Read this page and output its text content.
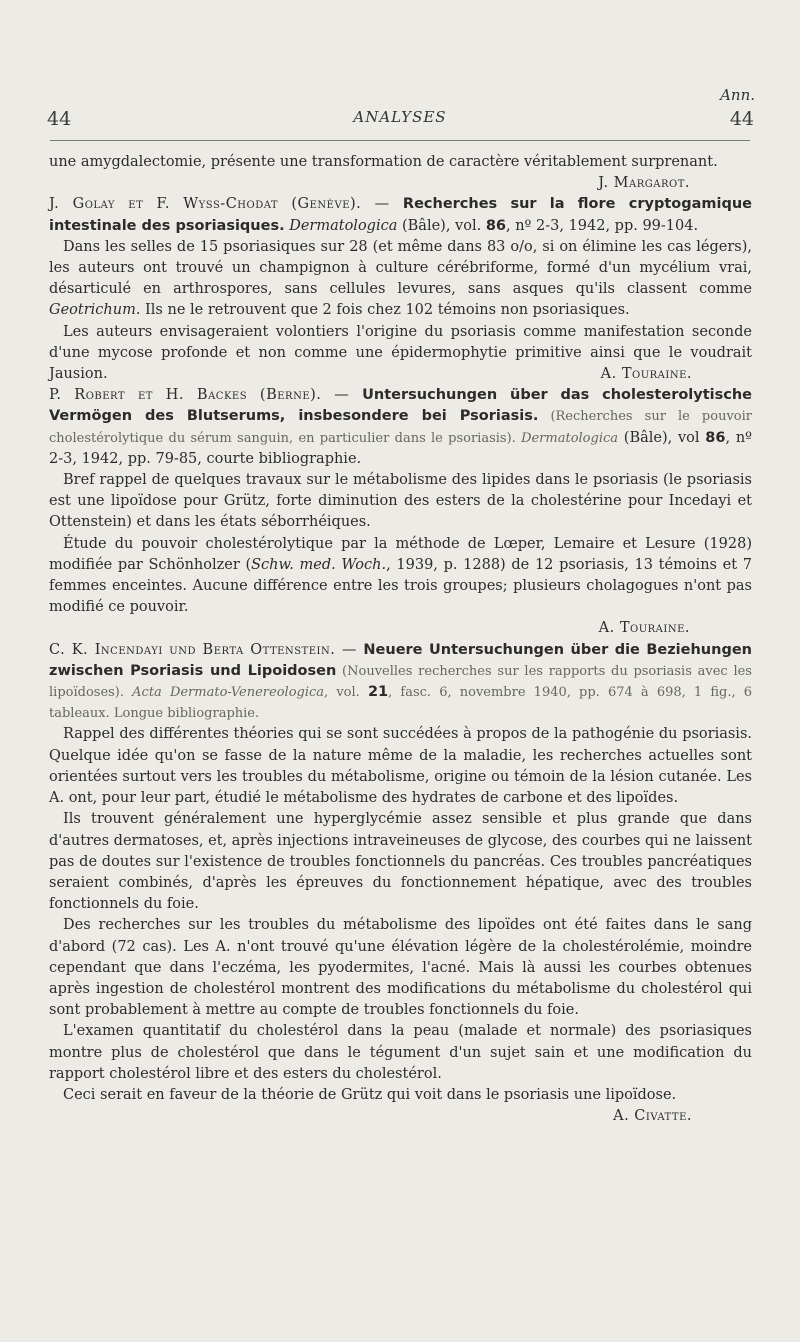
Ann.
44	ANALYSES	44

une amygdalectomie, présente une transformation de caractère véritablement surprenant.

J. Margarot.

J. Golay et F. Wyss-Chodat (Genève). — Recherches sur la flore cryptogamique intestinale des psoriasiques. Dermatologica (Bâle), vol. 86, nº 2-3, 1942, pp. 99-104.

Dans les selles de 15 psoriasiques sur 28 (et même dans 83 o/o, si on élimine les cas légers), les auteurs ont trouvé un champignon à culture cérébriforme, formé d'un mycélium vrai, désarticulé en arthrospores, sans cellules levures, sans asques qu'ils classent comme Geotrichum. Ils ne le retrouvent que 2 fois chez 102 témoins non psoriasiques.

Les auteurs envisageraient volontiers l'origine du psoriasis comme manifestation seconde d'une mycose profonde et non comme une épidermophytie primitive ainsi que le voudrait Jausion.	A. Touraine.

P. Robert et H. Backes (Berne). — Untersuchungen über das cholesterolytische Vermögen des Blutserums, insbesondere bei Psoriasis. (Recherches sur le pouvoir cholestérolytique du sérum sanguin, en particulier dans le psoriasis). Dermatologica (Bâle), vol 86, nº 2-3, 1942, pp. 79-85, courte bibliographie.

Bref rappel de quelques travaux sur le métabolisme des lipides dans le psoriasis (le psoriasis est une lipoïdose pour Grütz, forte diminution des esters de la cholestérine pour Incedayi et Ottenstein) et dans les états séborrhéiques.

Étude du pouvoir cholestérolytique par la méthode de Lœper, Lemaire et Lesure (1928) modifiée par Schönholzer (Schw. med. Woch., 1939, p. 1288) de 12 psoriasis, 13 témoins et 7 femmes enceintes. Aucune différence entre les trois groupes; plusieurs cholagogues n'ont pas modifié ce pouvoir.

A. Touraine.

C. K. Incendayi und Berta Ottenstein. — Neuere Untersuchungen über die Beziehungen zwischen Psoriasis und Lipoidosen (Nouvelles recherches sur les rapports du psoriasis avec les lipoïdoses). Acta Dermato-Venereologica, vol. 21, fasc. 6, novembre 1940, pp. 674 à 698, 1 fig., 6 tableaux. Longue bibliographie.

Rappel des différentes théories qui se sont succédées à propos de la pathogénie du psoriasis. Quelque idée qu'on se fasse de la nature même de la maladie, les recherches actuelles sont orientées surtout vers les troubles du métabolisme, origine ou témoin de la lésion cutanée. Les A. ont, pour leur part, étudié le métabolisme des hydrates de carbone et des lipoïdes.

Ils trouvent généralement une hyperglycémie assez sensible et plus grande que dans d'autres dermatoses, et, après injections intraveineuses de glycose, des courbes qui ne laissent pas de doutes sur l'existence de troubles fonctionnels du pancréas. Ces troubles pancréatiques seraient combinés, d'après les épreuves du fonctionnement hépatique, avec des troubles fonctionnels du foie.

Des recherches sur les troubles du métabolisme des lipoïdes ont été faites dans le sang d'abord (72 cas). Les A. n'ont trouvé qu'une élévation légère de la cholestérolémie, moindre cependant que dans l'eczéma, les pyodermites, l'acné. Mais là aussi les courbes obtenues après ingestion de cholestérol montrent des modifications du métabolisme du cholestérol qui sont probablement à mettre au compte de troubles fonctionnels du foie.

L'examen quantitatif du cholestérol dans la peau (malade et normale) des psoriasiques montre plus de cholestérol que dans le tégument d'un sujet sain et une modification du rapport cholestérol libre et des esters du cholestérol.

Ceci serait en faveur de la théorie de Grütz qui voit dans le psoriasis une lipoïdose.
A. Civatte.
